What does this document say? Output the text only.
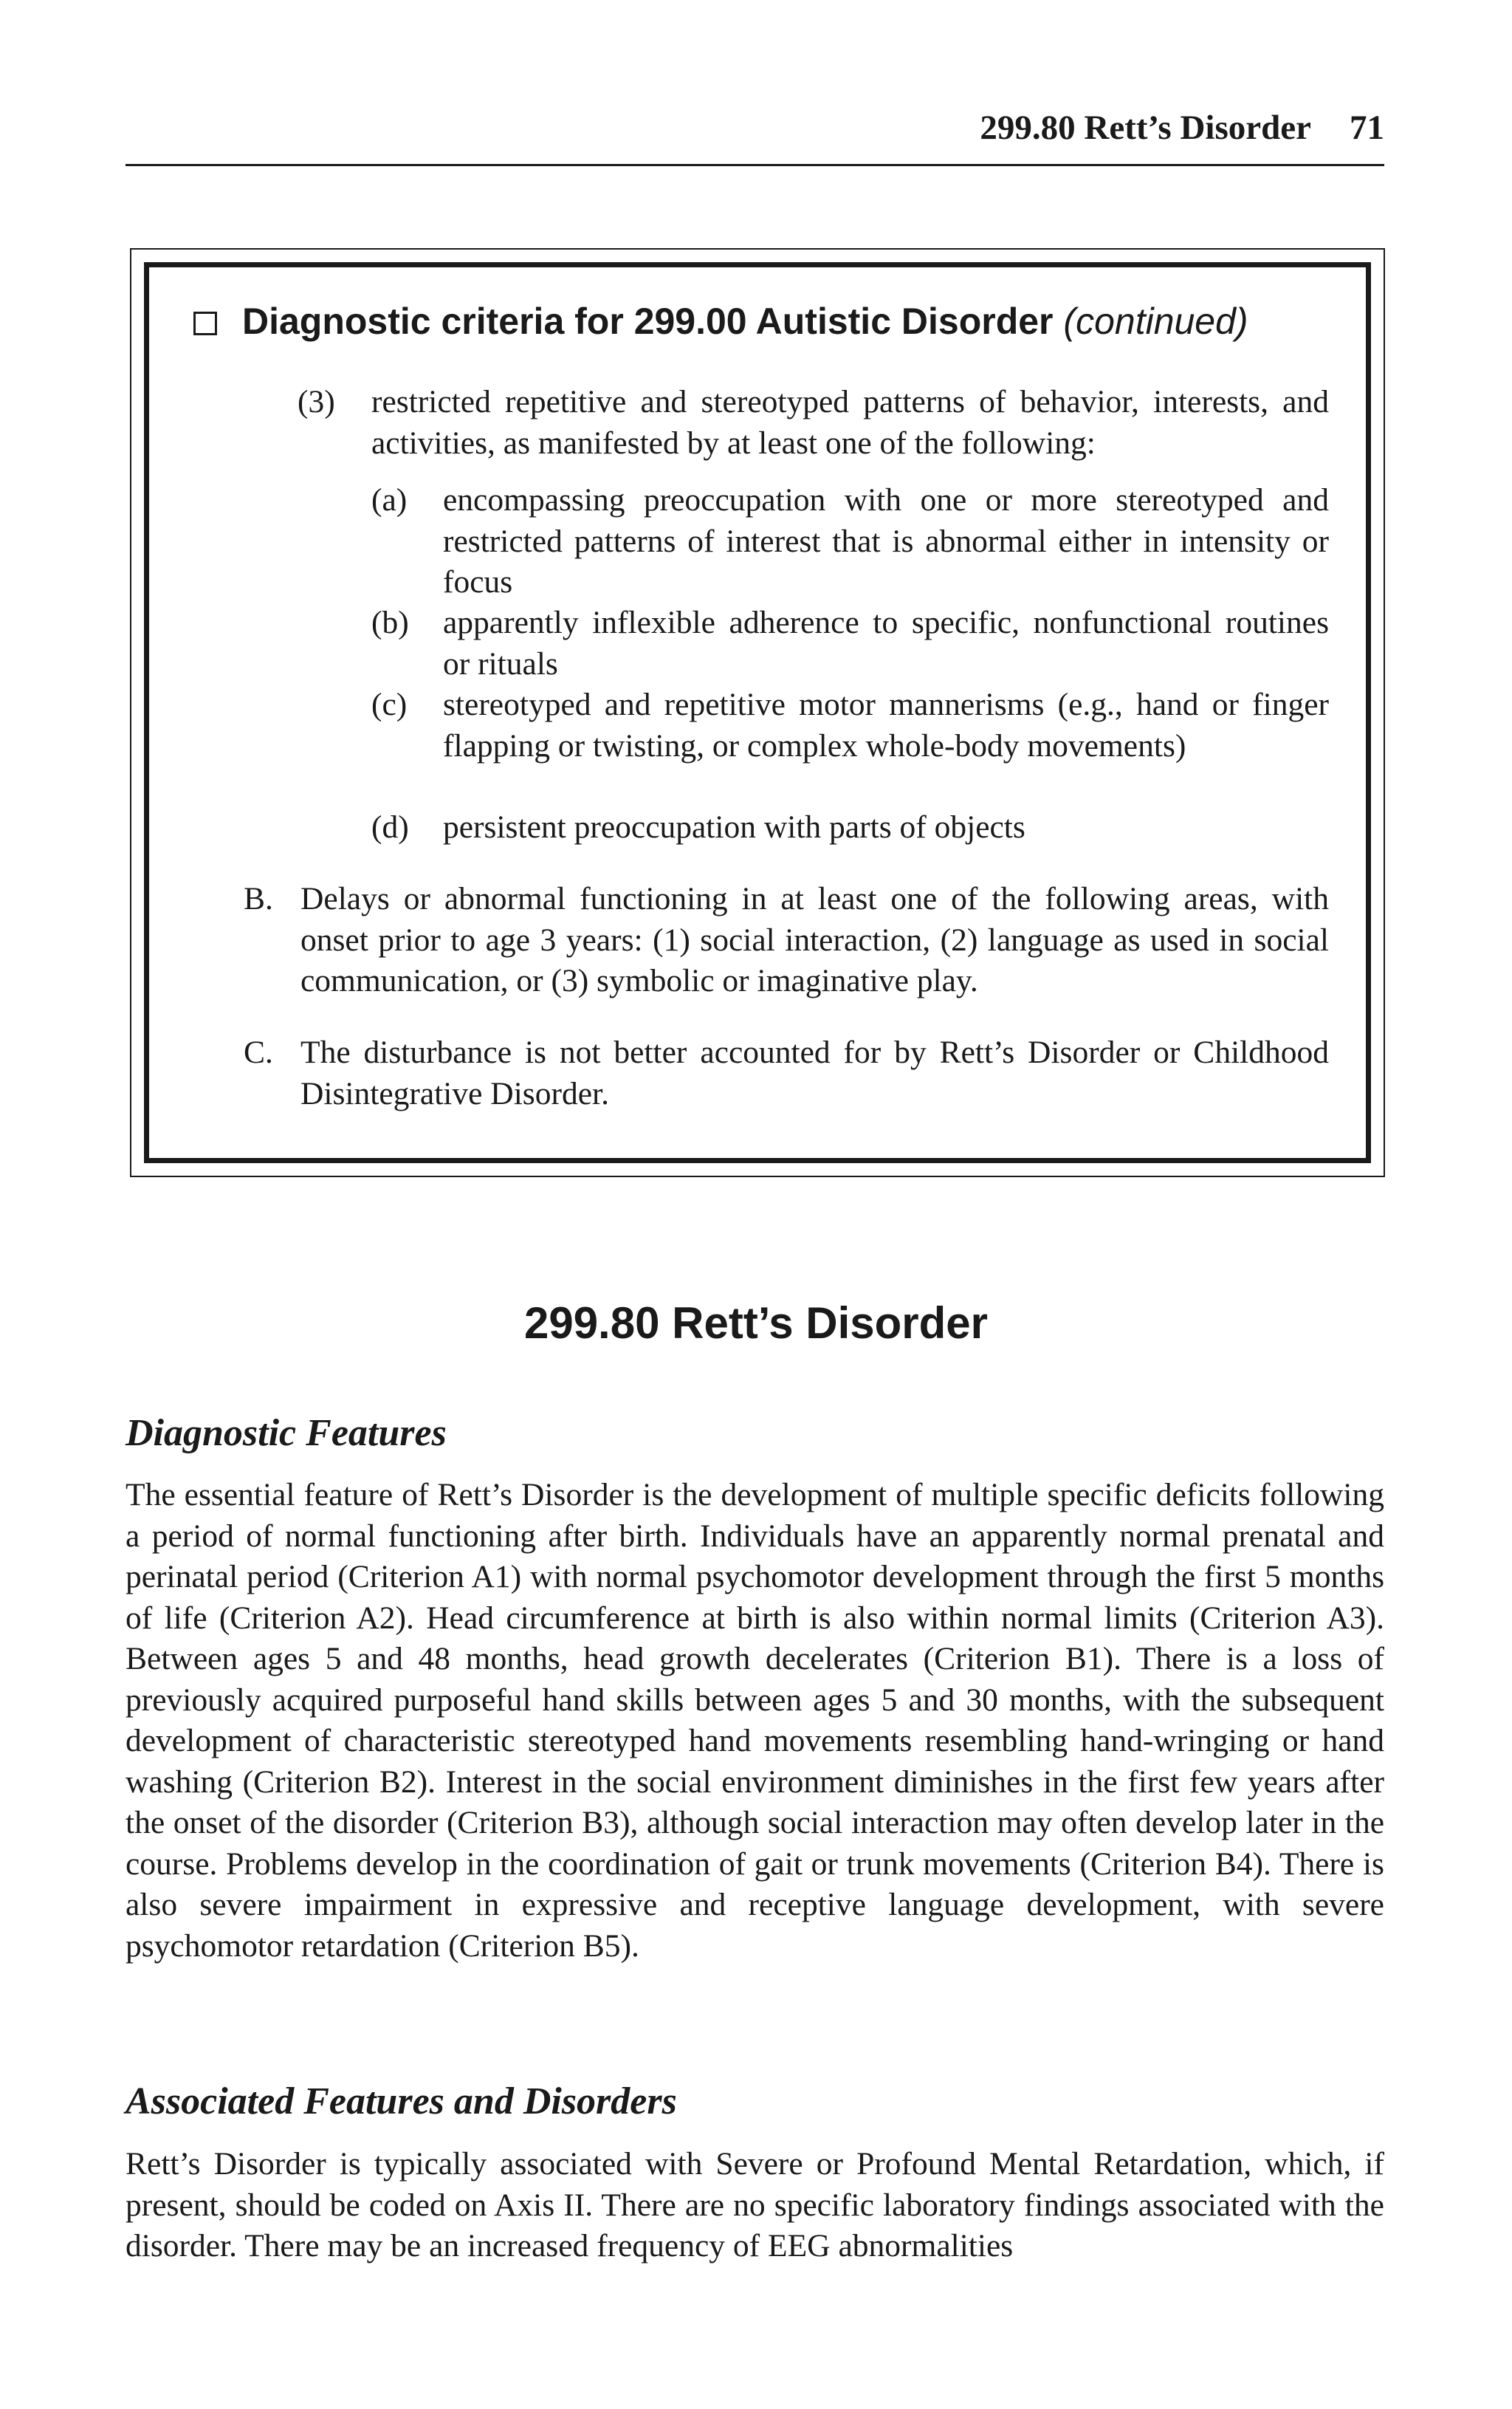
299.80 Rett’s Disorder 71
Diagnostic criteria for 299.00 Autistic Disorder (continued)
(3) restricted repetitive and stereotyped patterns of behavior, interests, and activities, as manifested by at least one of the following:

(a) encompassing preoccupation with one or more stereotyped and restricted patterns of interest that is abnormal either in intensity or focus

(b) apparently inflexible adherence to specific, nonfunctional routines or rituals

(c) stereotyped and repetitive motor mannerisms (e.g., hand or finger flapping or twisting, or complex whole-body movements)

(d) persistent preoccupation with parts of objects

B. Delays or abnormal functioning in at least one of the following areas, with onset prior to age 3 years: (1) social interaction, (2) language as used in social communication, or (3) symbolic or imaginative play.

C. The disturbance is not better accounted for by Rett’s Disorder or Childhood Disintegrative Disorder.

299.80 Rett’s Disorder
Diagnostic Features

The essential feature of Rett’s Disorder is the development of multiple specific deficits following a period of normal functioning after birth. Individuals have an apparently normal prenatal and perinatal period (Criterion A1) with normal psychomotor development through the first 5 months of life (Criterion A2). Head circumference at birth is also within normal limits (Criterion A3). Between ages 5 and 48 months, head growth decelerates (Criterion B1). There is a loss of previously acquired purposeful hand skills between ages 5 and 30 months, with the subsequent development of characteristic stereotyped hand movements resembling hand-wringing or hand washing (Criterion B2). Interest in the social environment diminishes in the first few years after the onset of the disorder (Criterion B3), although social interaction may often develop later in the course. Problems develop in the coordination of gait or trunk movements (Criterion B4). There is also severe impairment in expressive and receptive language development, with severe psychomotor retardation (Criterion B5).

Associated Features and Disorders

Rett’s Disorder is typically associated with Severe or Profound Mental Retardation, which, if present, should be coded on Axis II. There are no specific laboratory findings associated with the disorder. There may be an increased frequency of EEG abnormalities
